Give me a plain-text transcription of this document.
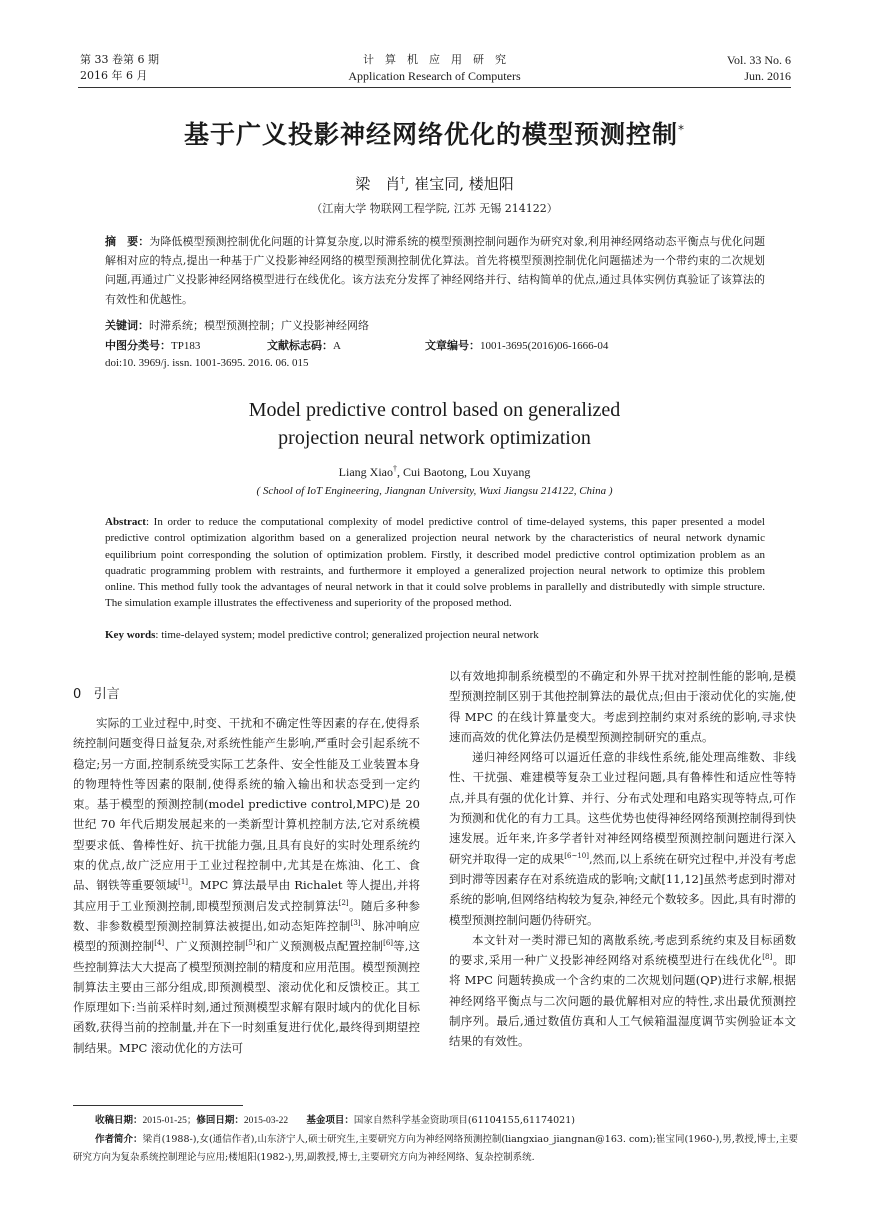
第 33 卷第 6 期
2016 年 6 月
计　算　机　应　用　研　究
Application Research of Computers
Vol. 33 No. 6
Jun. 2016
基于广义投影神经网络优化的模型预测控制*
梁　肖†, 崔宝同, 楼旭阳
（江南大学 物联网工程学院, 江苏 无锡 214122）
摘　要：为降低模型预测控制优化问题的计算复杂度,以时滞系统的模型预测控制问题作为研究对象,利用神经网络动态平衡点与优化问题解相对应的特点,提出一种基于广义投影神经网络的模型预测控制优化算法。首先将模型预测控制优化问题描述为一个带约束的二次规划问题,再通过广义投影神经网络模型进行在线优化。该方法充分发挥了神经网络并行、结构简单的优点,通过具体实例仿真验证了该算法的有效性和优越性。
关键词：时滞系统；模型预测控制；广义投影神经网络
中图分类号：TP183	文献标志码：A	文章编号：1001-3695(2016)06-1666-04
doi:10. 3969/j. issn. 1001-3695. 2016. 06. 015
Model predictive control based on generalized
projection neural network optimization
Liang Xiao†, Cui Baotong, Lou Xuyang
( School of IoT Engineering, Jiangnan University, Wuxi Jiangsu 214122, China )
Abstract: In order to reduce the computational complexity of model predictive control of time-delayed systems, this paper presented a model predictive control optimization algorithm based on a generalized projection neural network by the characteristics of neural network dynamic equilibrium point corresponding the solution of optimization problem. Firstly, it described model predictive control optimization problem as an quadratic programming problem with restraints, and furthermore it employed a generalized projection neural network to optimize this problem online. This method fully took the advantages of neural network in that it could solve problems in parallelly and distributedly with simple structure. The simulation example illustrates the effectiveness and superiority of the proposed method.
Key words: time-delayed system; model predictive control; generalized projection neural network
0 引言

实际的工业过程中,时变、干扰和不确定性等因素的存在,使得系统控制问题变得日益复杂,对系统性能产生影响,严重时会引起系统不稳定;另一方面,控制系统受实际工艺条件、安全性能及工业装置本身的物理特性等因素的限制,使得系统的输入输出和状态受到一定约束。基于模型的预测控制(model predictive control,MPC)是 20 世纪 70 年代后期发展起来的一类新型计算机控制方法,它对系统模型要求低、鲁棒性好、抗干扰能力强,且具有良好的实时处理系统约束的优点,故广泛应用于工业过程控制中,尤其是在炼油、化工、食品、钢铁等重要领域[1]。MPC 算法最早由 Richalet 等人提出,并将其应用于工业预测控制,即模型预测启发式控制算法[2]。随后多种参数、非参数模型预测控制算法被提出,如动态矩阵控制[3]、脉冲响应模型的预测控制[4]、广义预测控制[5]和广义预测极点配置控制[6]等,这些控制算法大大提高了模型预测控制的精度和应用范围。模型预测控制算法主要由三部分组成,即预测模型、滚动优化和反馈校正。其工作原理如下:当前采样时刻,通过预测模型求解有限时域内的优化目标函数,获得当前的控制量,并在下一时刻重复进行优化,最终得到期望控制结果。MPC 滚动优化的方法可

以有效地抑制系统模型的不确定和外界干扰对控制性能的影响,是模型预测控制区别于其他控制算法的最优点;但由于滚动优化的实施,使得 MPC 的在线计算量变大。考虑到控制约束对系统的影响,寻求快速而高效的优化算法仍是模型预测控制研究的重点。

递归神经网络可以逼近任意的非线性系统,能处理高维数、非线性、干扰强、难建模等复杂工业过程问题,具有鲁棒性和适应性等特点,并具有强的优化计算、并行、分布式处理和电路实现等特点,可作为预测和优化的有力工具。这些优势也使得神经网络预测控制得到快速发展。近年来,许多学者针对神经网络模型预测控制问题进行深入研究并取得一定的成果[6~10],然而,以上系统在研究过程中,并没有考虑到时滞等因素存在对系统造成的影响;文献[11,12]虽然考虑到时滞对系统的影响,但网络结构较为复杂,神经元个数较多。因此,具有时滞的模型预测控制问题仍待研究。

本文针对一类时滞已知的离散系统,考虑到系统约束及目标函数的要求,采用一种广义投影神经网络对系统模型进行在线优化[8]。即将 MPC 问题转换成一个含约束的二次规划问题(QP)进行求解,根据神经网络平衡点与二次问题的最优解相对应的特性,求出最优预测控制序列。最后,通过数值仿真和人工气候箱温湿度调节实例验证本文结果的有效性。

收稿日期：2015-01-25；修回日期：2015-03-22 基金项目：国家自然科学基金资助项目(61104155,61174021)
作者简介：梁肖(1988-),女(通信作者),山东济宁人,硕士研究生,主要研究方向为神经网络预测控制(liangxiao_jiangnan@163. com);崔宝同(1960-),男,教授,博士,主要研究方向为复杂系统控制理论与应用;楼旭阳(1982-),男,副教授,博士,主要研究方向为神经网络、复杂控制系统.
